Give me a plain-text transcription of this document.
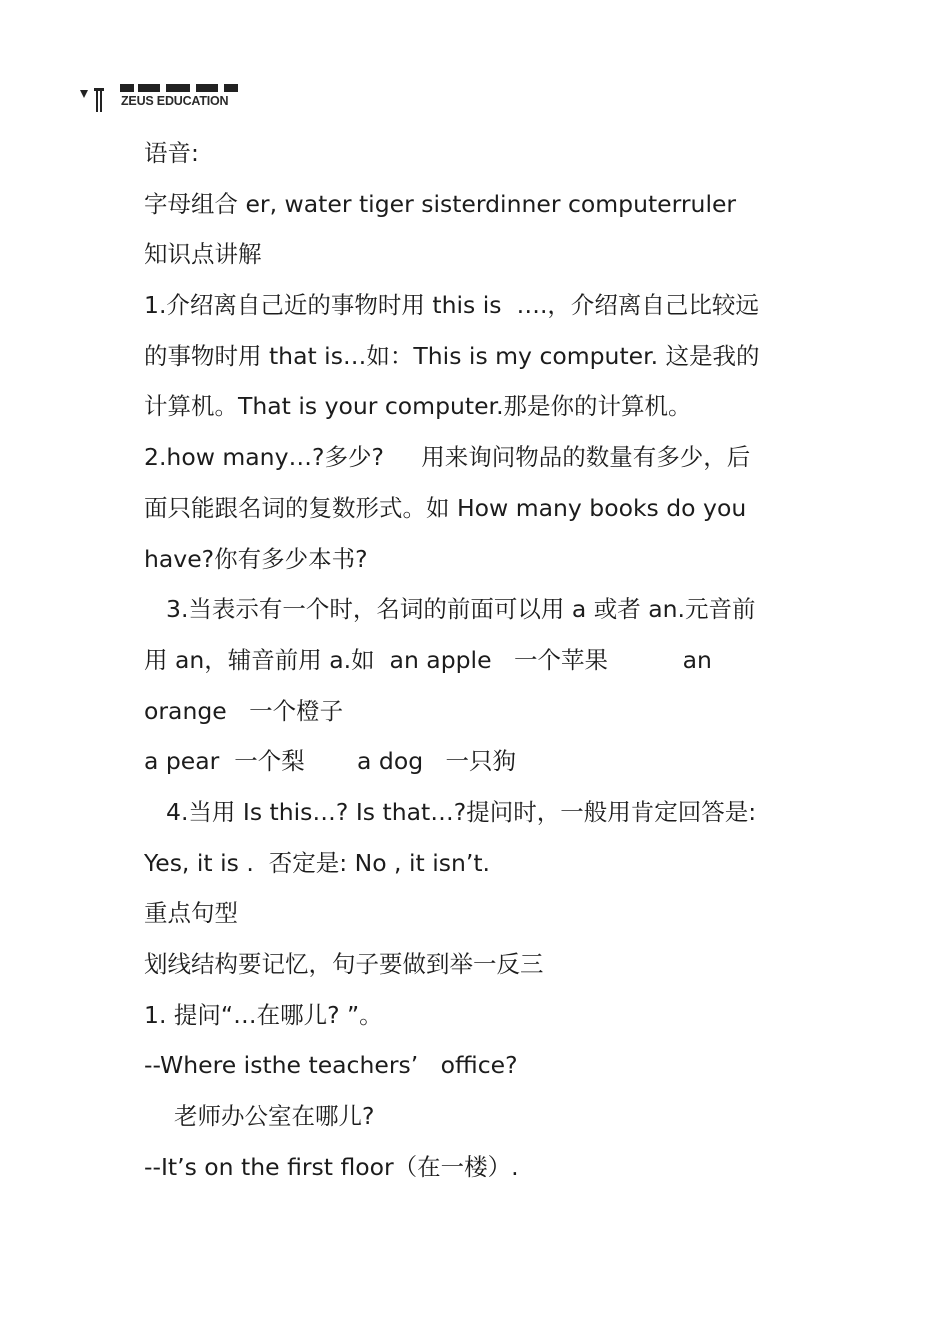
ZEUS EDUCATION
语音:
字母组合 er, water tiger sisterdinner computerruler
知识点讲解
1.介绍离自己近的事物时用 this is  ….，介绍离自己比较远
的事物时用 that is…如：This is my computer. 这是我的
计算机。That is your computer.那是你的计算机。
2.how many…?多少?     用来询问物品的数量有多少，后
面只能跟名词的复数形式。如 How many books do you
have?你有多少本书?
3.当表示有一个时，名词的前面可以用 a 或者 an.元音前
用 an，辅音前用 a.如  an apple   一个苹果          an
orange   一个橙子
a pear  一个梨       a dog   一只狗
4.当用 Is this…? Is that…?提问时，一般用肯定回答是:
Yes, it is .  否定是: No , it isn’t.
重点句型
划线结构要记忆，句子要做到举一反三
1. 提问“…在哪儿? ”。
--Where isthe teachers’   office?
老师办公室在哪儿?
--It’s on the first floor（在一楼）.
